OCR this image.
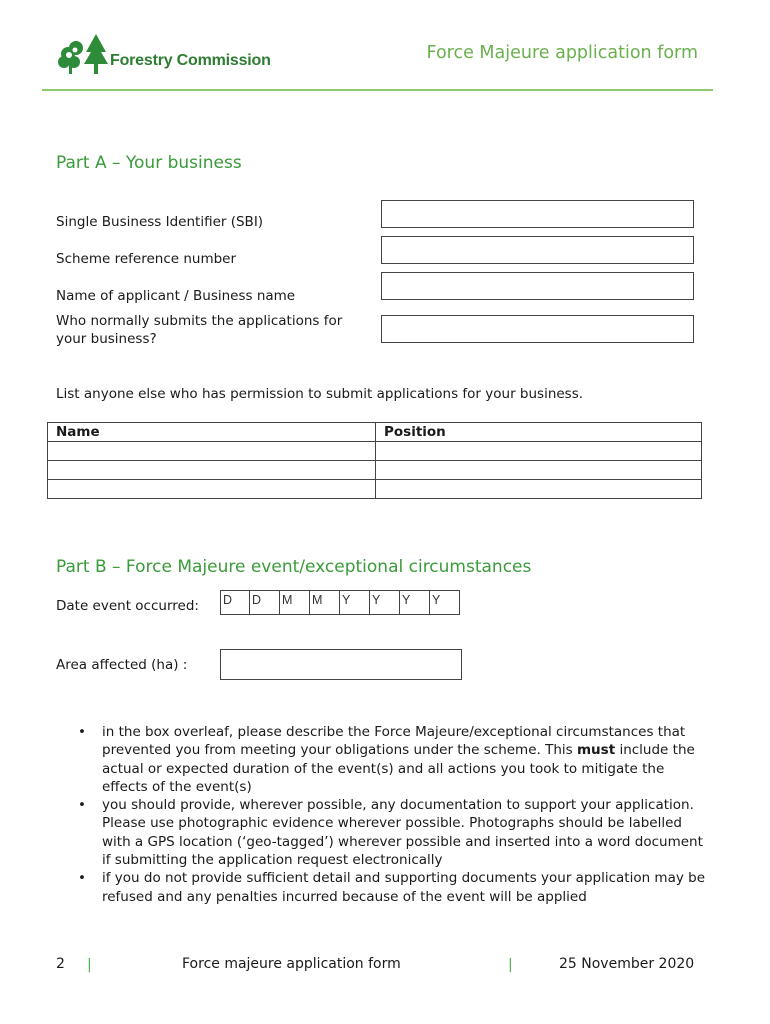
Forestry Commission	Force Majeure application form
Part A – Your business
Single Business Identifier (SBI)
Scheme reference number
Name of applicant / Business name
Who normally submits the applications for your business?
List anyone else who has permission to submit applications for your business.
Name	Position

Part B – Force Majeure event/exceptional circumstances
Date event occurred: D	D	M	M	Y	Y	Y	Y
Area affected (ha) :
• in the box overleaf, please describe the Force Majeure/exceptional circumstances that prevented you from meeting your obligations under the scheme. This must include the actual or expected duration of the event(s) and all actions you took to mitigate the effects of the event(s)
• you should provide, wherever possible, any documentation to support your application. Please use photographic evidence wherever possible. Photographs should be labelled with a GPS location (‘geo-tagged’) wherever possible and inserted into a word document if submitting the application request electronically
• if you do not provide sufficient detail and supporting documents your application may be refused and any penalties incurred because of the event will be applied
2 |	Force majeure application form	|	25 November 2020
